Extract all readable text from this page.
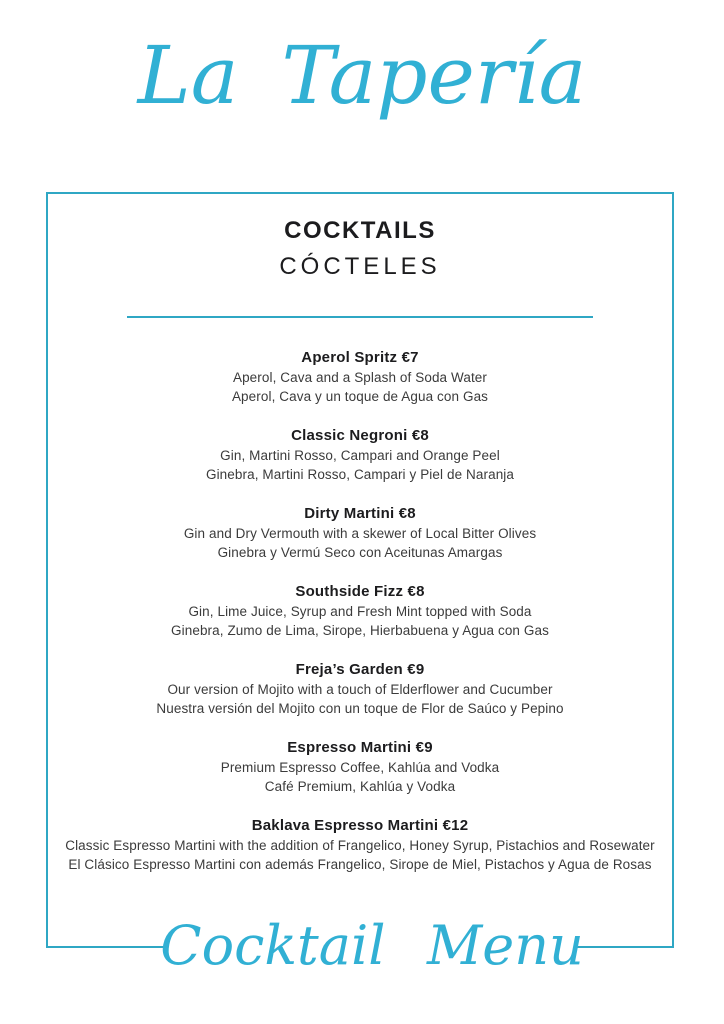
La Tapería
COCKTAILS
CÓCTELES
Aperol Spritz €7
Aperol, Cava and a Splash of Soda Water
Aperol, Cava y un toque de Agua con Gas
Classic Negroni €8
Gin, Martini Rosso, Campari and Orange Peel
Ginebra, Martini Rosso, Campari y Piel de Naranja
Dirty Martini €8
Gin and Dry Vermouth with a skewer of Local Bitter Olives
Ginebra y Vermú Seco con Aceitunas Amargas
Southside Fizz €8
Gin, Lime Juice, Syrup and Fresh Mint topped with Soda
Ginebra, Zumo de Lima, Sirope, Hierbabuena y Agua con Gas
Freja’s Garden €9
Our version of Mojito with a touch of Elderflower and Cucumber
Nuestra versión del Mojito con un toque de Flor de Saúco y Pepino
Espresso Martini €9
Premium Espresso Coffee, Kahlúa and Vodka
Café Premium, Kahlúa y Vodka
Baklava Espresso Martini €12
Classic Espresso Martini with the addition of Frangelico, Honey Syrup, Pistachios and Rosewater
El Clásico Espresso Martini con además Frangelico, Sirope de Miel, Pistachos y Agua de Rosas
Cocktail Menu
